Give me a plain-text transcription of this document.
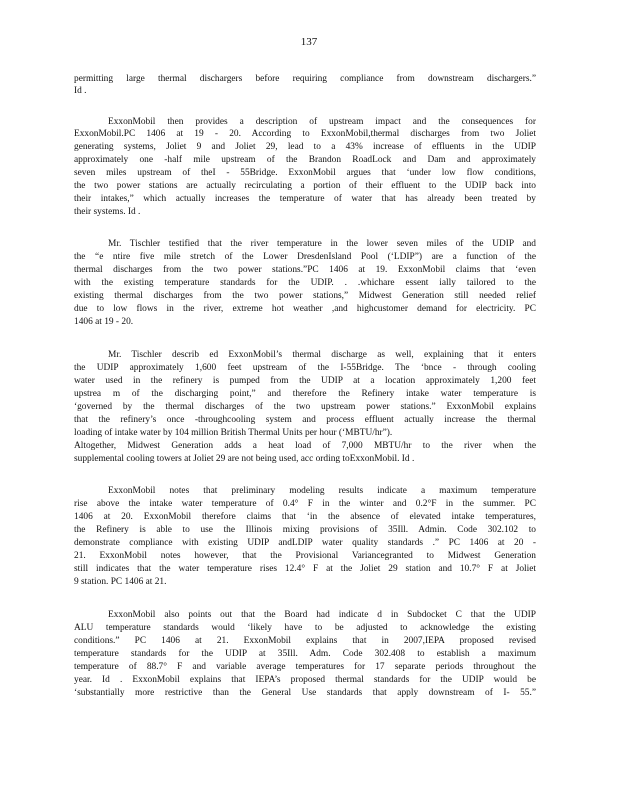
137
permitting large thermal dischargers before requiring compliance from downstream dischargers.”
Id .
ExxonMobil then provides a description of upstream impact and the consequences for
ExxonMobil.PC 1406 at 19 - 20. According to ExxonMobil,thermal discharges from two Joliet
generating systems, Joliet 9 and Joliet 29, lead to a 43% increase of effluents in the UDIP
approximately one -half mile upstream of the Brandon RoadLock and Dam and approximately
seven miles upstream of theI - 55Bridge. ExxonMobil argues that ‘under low flow conditions,
the two power stations are actually recirculating a portion of their effluent to the UDIP back into
their intakes,” which actually increases the temperature of water that has already been treated by
their systems. Id .
Mr. Tischler testified that the river temperature in the lower seven miles of the UDIP and
the “e ntire five mile stretch of the Lower DresdenIsland Pool (‘LDIP”) are a function of the
thermal discharges from the two power stations.”PC 1406 at 19. ExxonMobil claims that ‘even
with the existing temperature standards for the UDIP. . .whichare essent ially tailored to the
existing thermal discharges from the two power stations,” Midwest Generation still needed relief
due to low flows in the river, extreme hot weather ,and highcustomer demand for electricity. PC
1406 at 19 - 20.
Mr. Tischler describ ed ExxonMobil’s thermal discharge as well, explaining that it enters
the UDIP approximately 1,600 feet upstream of the I-55Bridge. The ‘bnce - through cooling
water used in the refinery is pumped from the UDIP at a location approximately 1,200 feet
upstrea m of the discharging point,” and therefore the Refinery intake water temperature is
‘governed by the thermal discharges of the two upstream power stations.” ExxonMobil explains
that the refinery’s once -throughcooling system and process effluent actually increase the thermal
loading of intake water by 104 million British Thermal Units per hour (‘MBTU/hr”).
Altogether, Midwest Generation adds a heat load of 7,000 MBTU/hr to the river when the
supplemental cooling towers at Joliet 29 are not being used, acc ording toExxonMobil. Id .
ExxonMobil notes that preliminary modeling results indicate a maximum temperature
rise above the intake water temperature of 0.4° F in the winter and 0.2°F in the summer. PC
1406 at 20. ExxonMobil therefore claims that ‘in the absence of elevated intake temperatures,
the Refinery is able to use the Illinois mixing provisions of 35Ill. Admin. Code 302.102 to
demonstrate compliance with existing UDIP andLDIP water quality standards .” PC 1406 at 20 -
21. ExxonMobil notes however, that the Provisional Variancegranted to Midwest Generation
still indicates that the water temperature rises 12.4° F at the Joliet 29 station and 10.7° F at Joliet
9 station. PC 1406 at 21.
ExxonMobil also points out that the Board had indicate d in Subdocket C that the UDIP
ALU temperature standards would ‘likely have to be adjusted to acknowledge the existing
conditions.” PC 1406 at 21. ExxonMobil explains that in 2007,IEPA proposed revised
temperature standards for the UDIP at 35Ill. Adm. Code 302.408 to establish a maximum
temperature of 88.7° F and variable average temperatures for 17 separate periods throughout the
year. Id . ExxonMobil explains that IEPA’s proposed thermal standards for the UDIP would be
‘substantially more restrictive than the General Use standards that apply downstream of I- 55.”
